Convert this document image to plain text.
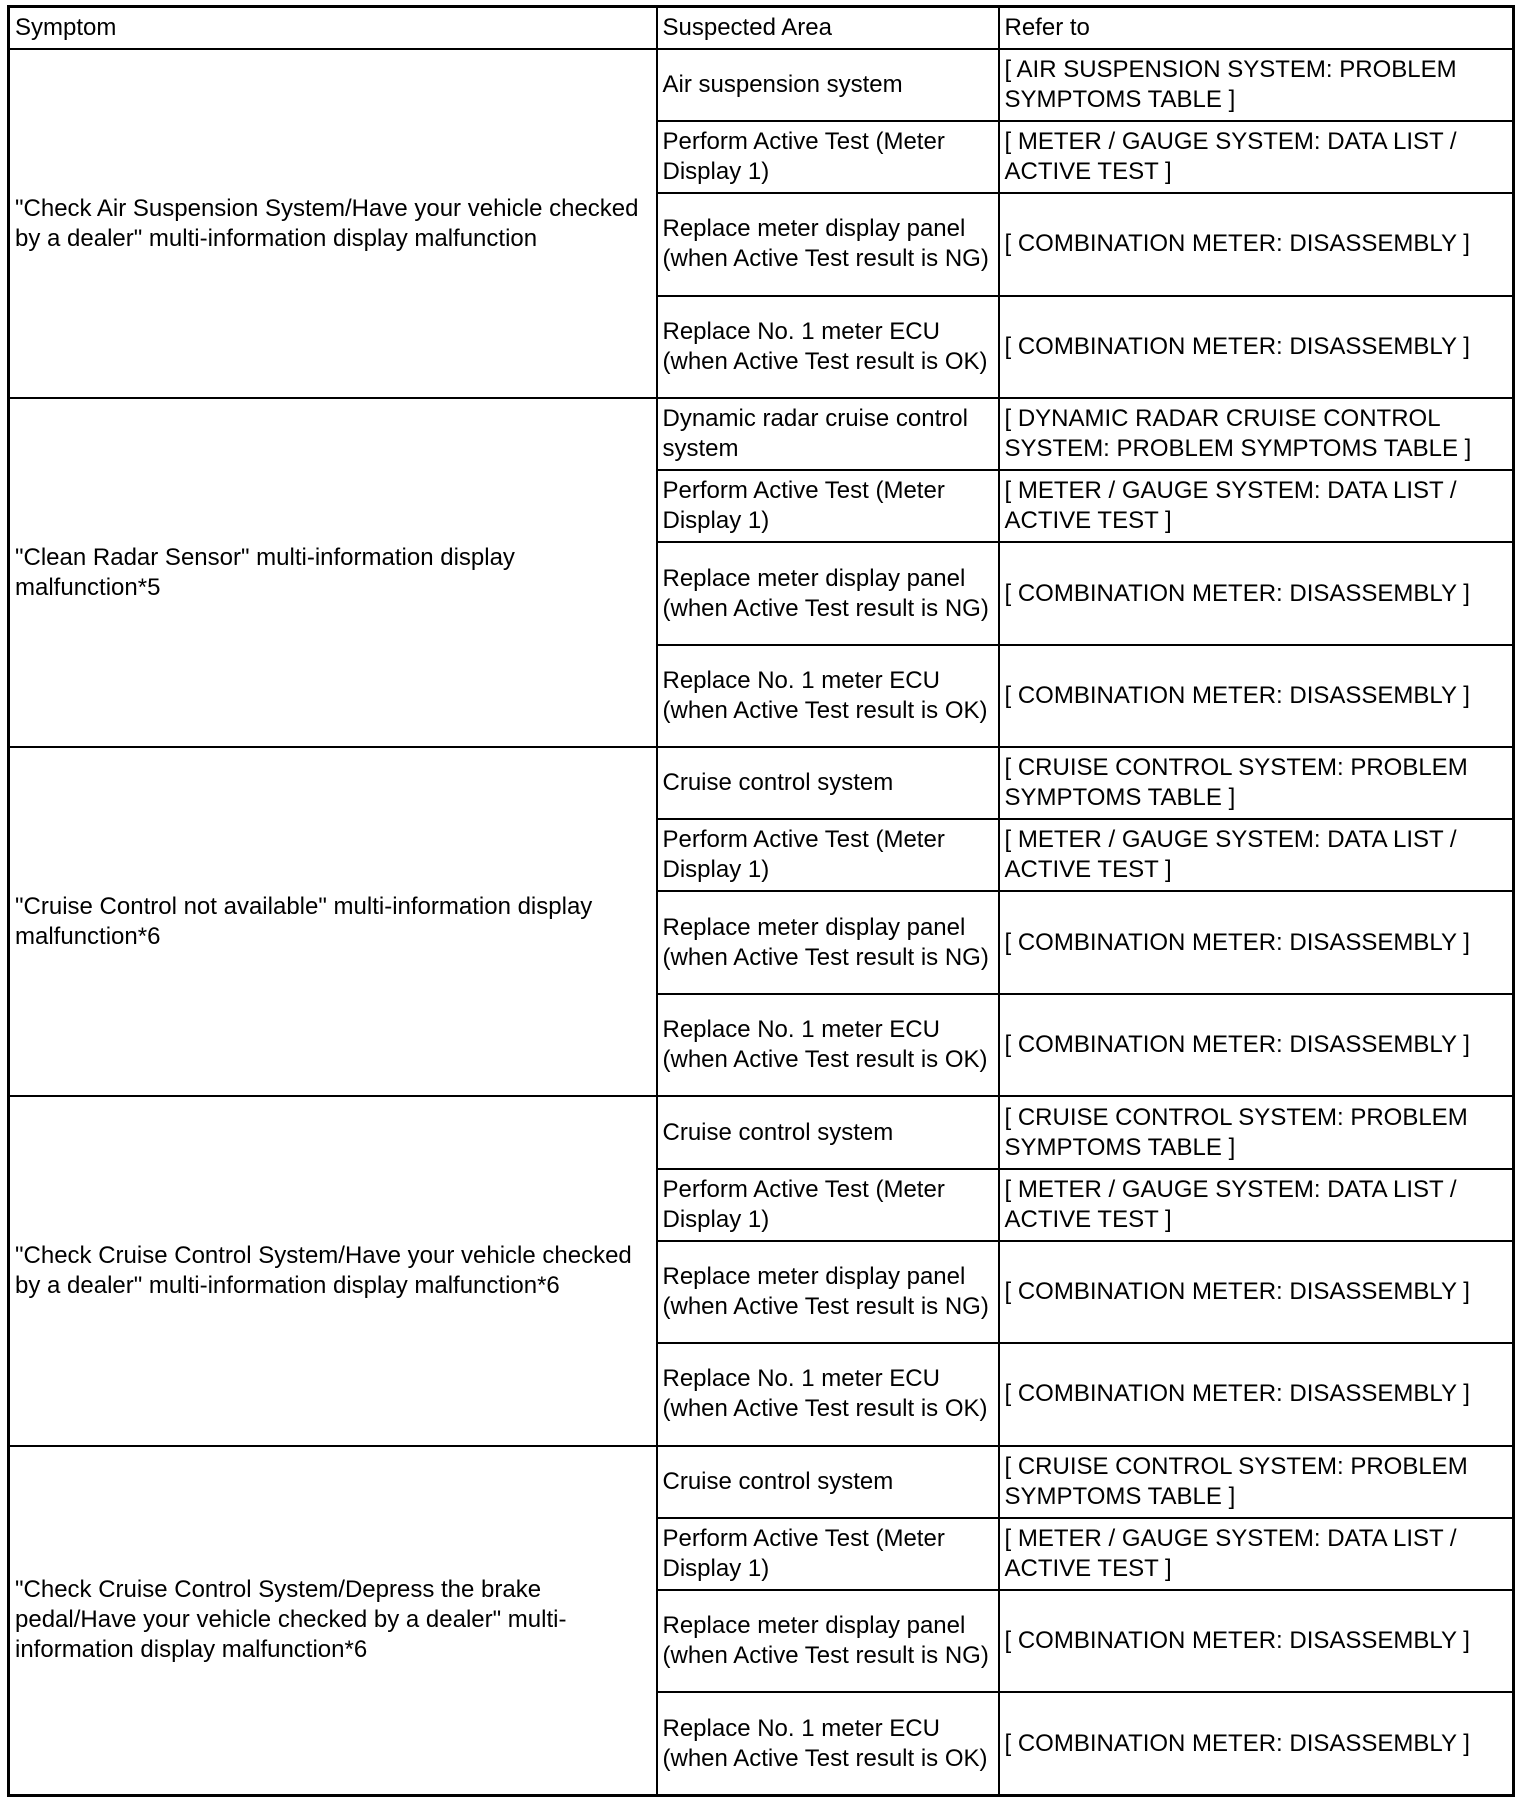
Symptom	Suspected Area	Refer to
"Check Air Suspension System/Have your vehicle checked by a dealer" multi-information display malfunction	Air suspension system	[ AIR SUSPENSION SYSTEM: PROBLEM SYMPTOMS TABLE ]
	Perform Active Test (Meter Display 1)	[ METER / GAUGE SYSTEM: DATA LIST / ACTIVE TEST ]
	Replace meter display panel (when Active Test result is NG)	[ COMBINATION METER: DISASSEMBLY ]
	Replace No. 1 meter ECU (when Active Test result is OK)	[ COMBINATION METER: DISASSEMBLY ]
"Clean Radar Sensor" multi-information display malfunction*5	Dynamic radar cruise control system	[ DYNAMIC RADAR CRUISE CONTROL SYSTEM: PROBLEM SYMPTOMS TABLE ]
	Perform Active Test (Meter Display 1)	[ METER / GAUGE SYSTEM: DATA LIST / ACTIVE TEST ]
	Replace meter display panel (when Active Test result is NG)	[ COMBINATION METER: DISASSEMBLY ]
	Replace No. 1 meter ECU (when Active Test result is OK)	[ COMBINATION METER: DISASSEMBLY ]
"Cruise Control not available" multi-information display malfunction*6	Cruise control system	[ CRUISE CONTROL SYSTEM: PROBLEM SYMPTOMS TABLE ]
	Perform Active Test (Meter Display 1)	[ METER / GAUGE SYSTEM: DATA LIST / ACTIVE TEST ]
	Replace meter display panel (when Active Test result is NG)	[ COMBINATION METER: DISASSEMBLY ]
	Replace No. 1 meter ECU (when Active Test result is OK)	[ COMBINATION METER: DISASSEMBLY ]
"Check Cruise Control System/Have your vehicle checked by a dealer" multi-information display malfunction*6	Cruise control system	[ CRUISE CONTROL SYSTEM: PROBLEM SYMPTOMS TABLE ]
	Perform Active Test (Meter Display 1)	[ METER / GAUGE SYSTEM: DATA LIST / ACTIVE TEST ]
	Replace meter display panel (when Active Test result is NG)	[ COMBINATION METER: DISASSEMBLY ]
	Replace No. 1 meter ECU (when Active Test result is OK)	[ COMBINATION METER: DISASSEMBLY ]
"Check Cruise Control System/Depress the brake pedal/Have your vehicle checked by a dealer" multi-information display malfunction*6	Cruise control system	[ CRUISE CONTROL SYSTEM: PROBLEM SYMPTOMS TABLE ]
	Perform Active Test (Meter Display 1)	[ METER / GAUGE SYSTEM: DATA LIST / ACTIVE TEST ]
	Replace meter display panel (when Active Test result is NG)	[ COMBINATION METER: DISASSEMBLY ]
	Replace No. 1 meter ECU (when Active Test result is OK)	[ COMBINATION METER: DISASSEMBLY ]
